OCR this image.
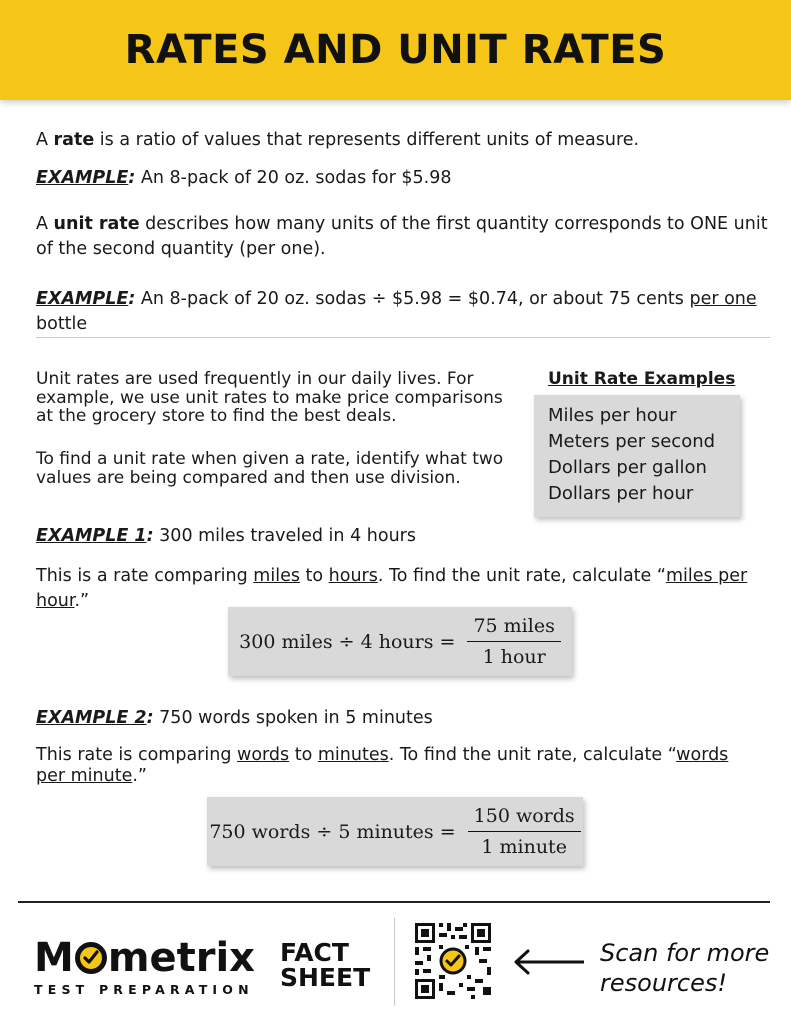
RATES AND UNIT RATES
A rate is a ratio of values that represents different units of measure.
EXAMPLE: An 8-pack of 20 oz. sodas for $5.98
A unit rate describes how many units of the first quantity corresponds to ONE unit of the second quantity (per one).
EXAMPLE: An 8-pack of 20 oz. sodas ÷ $5.98 = $0.74, or about 75 cents per one bottle
Unit rates are used frequently in our daily lives. For example, we use unit rates to make price comparisons at the grocery store to find the best deals.
To find a unit rate when given a rate, identify what two values are being compared and then use division.
Unit Rate Examples
Miles per hour
Meters per second
Dollars per gallon
Dollars per hour
EXAMPLE 1: 300 miles traveled in 4 hours
This is a rate comparing miles to hours. To find the unit rate, calculate “miles per hour.”
300 miles ÷ 4 hours = $\frac{\text{75 miles}}{\text{1 hour}}$
EXAMPLE 2: 750 words spoken in 5 minutes
This rate is comparing words to minutes. To find the unit rate, calculate “words per minute.”
750 words ÷ 5 minutes = $\frac{\text{150 words}}{\text{1 minute}}$
M metrix
TEST PREPARATION
FACT
SHEET
Scan for more
resources!
